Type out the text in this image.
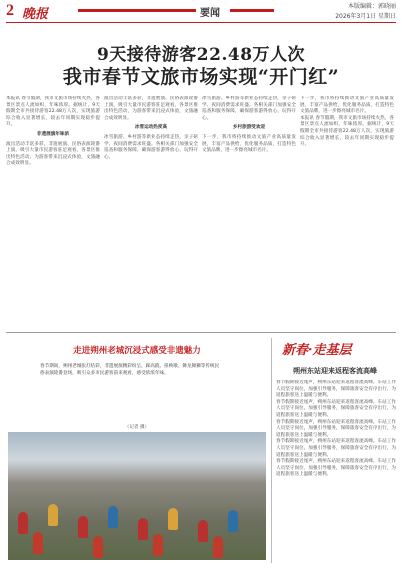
2 晚报	要闻
本版编辑：郭晓丽
2026年3月1日 星期日
9天接待游客22.48万人次
我市春节文旅市场实现“开门红”
本报讯 春节假期，我市文旅市场持续火热，各景区景点人流如织，年味浓厚。据统计，9天假期全市共接待游客22.48万人次，实现旅游综合收入显著增长，较去年同期实现稳步提升。
非遗展演年味浓
演出活动丰富多彩，非遗展演、民俗表演轮番上演，吸引大量市民游客驻足观看。各景区推出特色活动，为游客带来沉浸式体验，文旅融合成效明显。
演出活动丰富多彩，非遗展演、民俗表演轮番上演，吸引大量市民游客驻足观看。各景区推出特色活动，为游客带来沉浸式体验，文旅融合成效明显。
冰雪运动热度高
冰雪旅游、乡村游等新业态持续走热，亲子研学、夜间消费需求旺盛。各相关部门加强安全巡查和服务保障，确保游客游得放心、玩得开心。
冰雪旅游、乡村游等新业态持续走热，亲子研学、夜间消费需求旺盛。各相关部门加强安全巡查和服务保障，确保游客游得放心、玩得开心。
乡村旅游受欢迎
下一步，我市将持续推动文旅产业高质量发展，丰富产品供给，优化服务品质，打造特色文旅品牌，进一步擦亮城市名片。
下一步，我市将持续推动文旅产业高质量发展，丰富产品供给，优化服务品质，打造特色文旅品牌，进一步擦亮城市名片。
本报讯 春节假期，我市文旅市场持续火热，各景区景点人流如织，年味浓厚。据统计，9天假期全市共接待游客22.48万人次，实现旅游综合收入显著增长，较去年同期实现稳步提升。
走进朔州老城沉浸式感受非遗魅力
春节期间，朔州老城张灯结彩，非遗展演精彩纷呈，踩高跷、扭秧歌、舞龙舞狮等传统民俗表演轮番登场，吸引众多市民游客前来观看，感受浓浓年味。
（记者 摄）
新春·走基层
朔州东站迎来返程客流高峰
春节假期接近尾声，朔州东站迎来返程客流高峰。车站工作人员坚守岗位，加强引导服务，保障旅客安全有序出行，为返程旅客送上温暖与便利。
春节假期接近尾声，朔州东站迎来返程客流高峰。车站工作人员坚守岗位，加强引导服务，保障旅客安全有序出行，为返程旅客送上温暖与便利。
春节假期接近尾声，朔州东站迎来返程客流高峰。车站工作人员坚守岗位，加强引导服务，保障旅客安全有序出行，为返程旅客送上温暖与便利。
春节假期接近尾声，朔州东站迎来返程客流高峰。车站工作人员坚守岗位，加强引导服务，保障旅客安全有序出行，为返程旅客送上温暖与便利。
春节假期接近尾声，朔州东站迎来返程客流高峰。车站工作人员坚守岗位，加强引导服务，保障旅客安全有序出行，为返程旅客送上温暖与便利。
